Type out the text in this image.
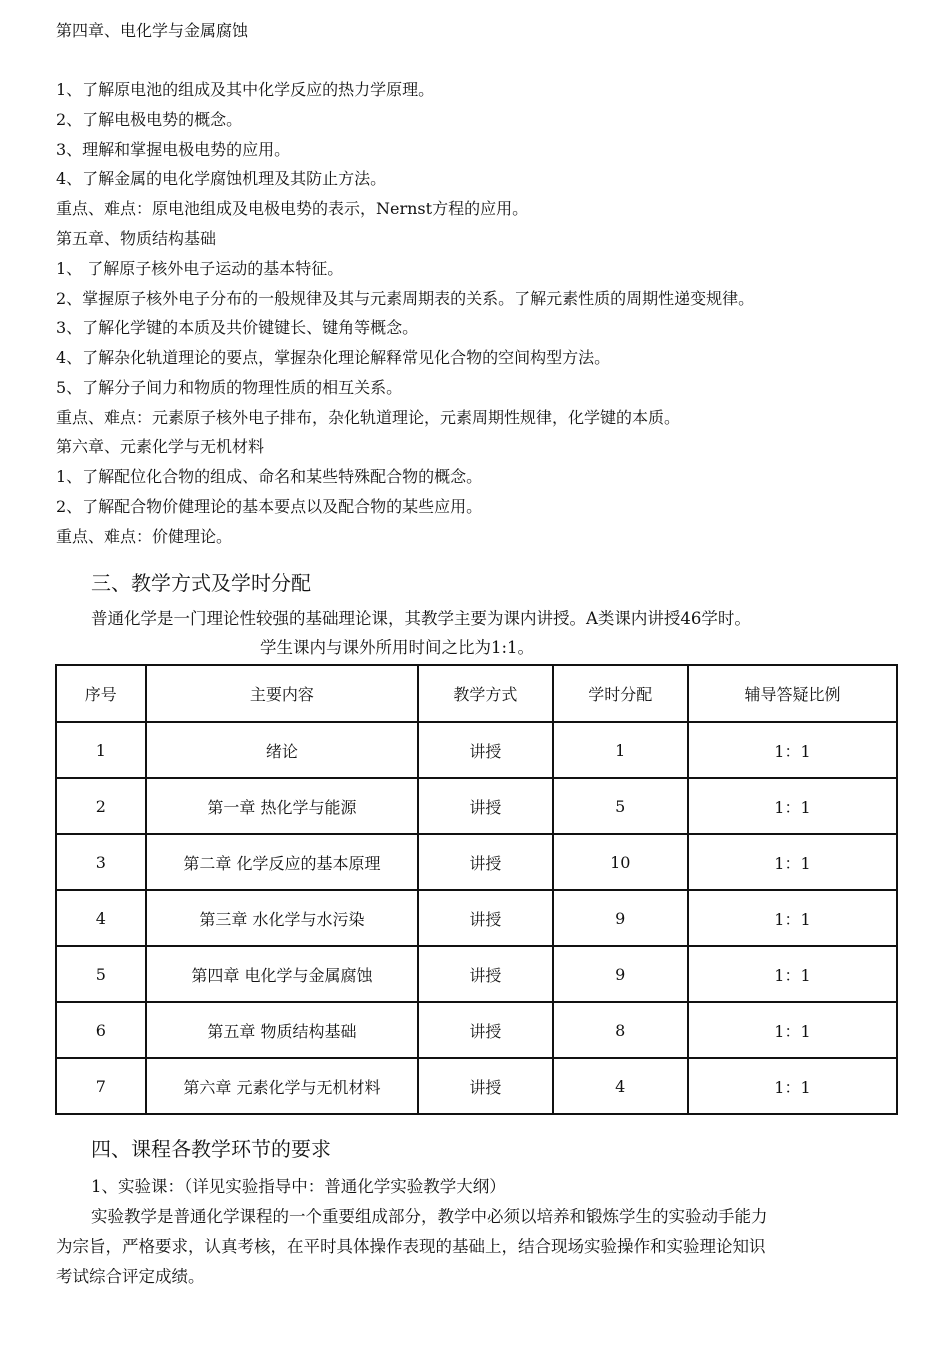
第四章、电化学与金属腐蚀
1、了解原电池的组成及其中化学反应的热力学原理。
2、了解电极电势的概念。
3、理解和掌握电极电势的应用。
4、了解金属的电化学腐蚀机理及其防止方法。
重点、难点：原电池组成及电极电势的表示，Nernst方程的应用。
第五章、物质结构基础
1、 了解原子核外电子运动的基本特征。
2、掌握原子核外电子分布的一般规律及其与元素周期表的关系。了解元素性质的周期性递变规律。
3、了解化学键的本质及共价键键长、键角等概念。
4、了解杂化轨道理论的要点，掌握杂化理论解释常见化合物的空间构型方法。
5、了解分子间力和物质的物理性质的相互关系。
重点、难点：元素原子核外电子排布，杂化轨道理论，元素周期性规律，化学键的本质。
第六章、元素化学与无机材料
1、了解配位化合物的组成、命名和某些特殊配合物的概念。
2、了解配合物价健理论的基本要点以及配合物的某些应用。
重点、难点：价健理论。
三、教学方式及学时分配
普通化学是一门理论性较强的基础理论课，其教学主要为课内讲授。A类课内讲授46学时。
学生课内与课外所用时间之比为1:1。
序号	主要内容	教学方式	学时分配	辅导答疑比例
1	绪论	讲授	1	1：1
2	第一章 热化学与能源	讲授	5	1：1
3	第二章 化学反应的基本原理	讲授	10	1：1
4	第三章 水化学与水污染	讲授	9	1：1
5	第四章 电化学与金属腐蚀	讲授	9	1：1
6	第五章 物质结构基础	讲授	8	1：1
7	第六章 元素化学与无机材料	讲授	4	1：1
四、课程各教学环节的要求
1、实验课：（详见实验指导中：普通化学实验教学大纲）
实验教学是普通化学课程的一个重要组成部分，教学中必须以培养和锻炼学生的实验动手能力
为宗旨，严格要求，认真考核，在平时具体操作表现的基础上，结合现场实验操作和实验理论知识
考试综合评定成绩。
